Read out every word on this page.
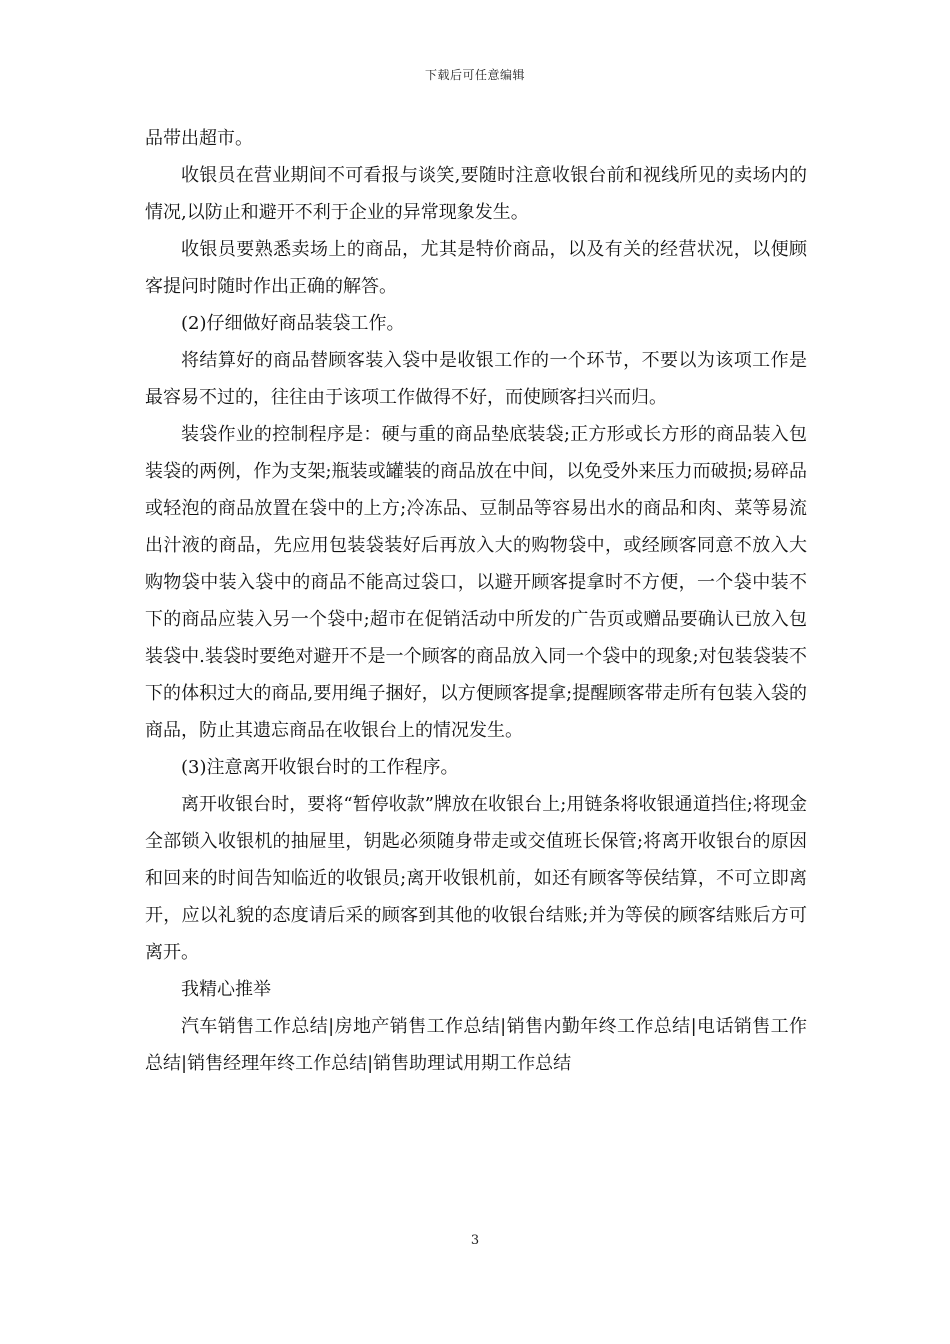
下载后可任意编辑

品带出超市。

收银员在营业期间不可看报与谈笑,要随时注意收银台前和视线所见的卖场内的情况,以防止和避开不利于企业的异常现象发生。

收银员要熟悉卖场上的商品，尤其是特价商品，以及有关的经营状况，以便顾客提问时随时作出正确的解答。

(2)仔细做好商品装袋工作。

将结算好的商品替顾客装入袋中是收银工作的一个环节，不要以为该项工作是最容易不过的，往往由于该项工作做得不好，而使顾客扫兴而归。

装袋作业的控制程序是：硬与重的商品垫底装袋;正方形或长方形的商品装入包装袋的两例，作为支架;瓶装或罐装的商品放在中间，以免受外来压力而破损;易碎品或轻泡的商品放置在袋中的上方;冷冻品、豆制品等容易出水的商品和肉、菜等易流出汁液的商品，先应用包装袋装好后再放入大的购物袋中，或经顾客同意不放入大购物袋中装入袋中的商品不能高过袋口，以避开顾客提拿时不方便，一个袋中装不下的商品应装入另一个袋中;超市在促销活动中所发的广告页或赠品要确认已放入包装袋中.装袋时要绝对避开不是一个顾客的商品放入同一个袋中的现象;对包装袋装不下的体积过大的商品,要用绳子捆好，以方便顾客提拿;提醒顾客带走所有包装入袋的商品，防止其遗忘商品在收银台上的情况发生。

(3)注意离开收银台时的工作程序。

离开收银台时，要将“暂停收款”牌放在收银台上;用链条将收银通道挡住;将现金全部锁入收银机的抽屉里，钥匙必须随身带走或交值班长保管;将离开收银台的原因和回来的时间告知临近的收银员;离开收银机前，如还有顾客等侯结算，不可立即离开，应以礼貌的态度请后采的顾客到其他的收银台结账;并为等侯的顾客结账后方可离开。

我精心推举

汽车销售工作总结|房地产销售工作总结|销售内勤年终工作总结|电话销售工作总结|销售经理年终工作总结|销售助理试用期工作总结

3
